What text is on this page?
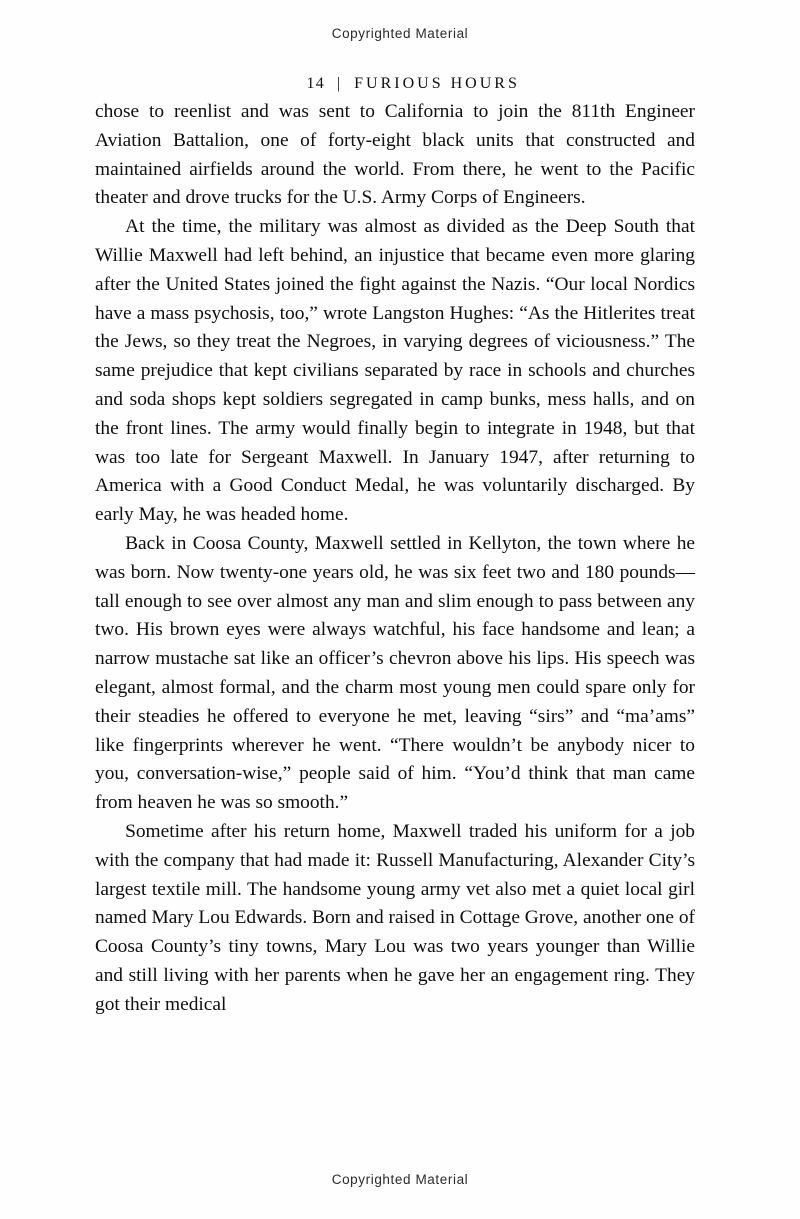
Copyrighted Material

14 | FURIOUS HOURS

chose to reenlist and was sent to California to join the 811th Engineer Aviation Battalion, one of forty-eight black units that constructed and maintained airfields around the world. From there, he went to the Pacific theater and drove trucks for the U.S. Army Corps of Engineers.

At the time, the military was almost as divided as the Deep South that Willie Maxwell had left behind, an injustice that became even more glaring after the United States joined the fight against the Nazis. “Our local Nordics have a mass psychosis, too,” wrote Langston Hughes: “As the Hitlerites treat the Jews, so they treat the Negroes, in varying degrees of viciousness.” The same prejudice that kept civilians separated by race in schools and churches and soda shops kept soldiers segregated in camp bunks, mess halls, and on the front lines. The army would finally begin to integrate in 1948, but that was too late for Sergeant Maxwell. In January 1947, after returning to America with a Good Conduct Medal, he was voluntarily discharged. By early May, he was headed home.

Back in Coosa County, Maxwell settled in Kellyton, the town where he was born. Now twenty-one years old, he was six feet two and 180 pounds—tall enough to see over almost any man and slim enough to pass between any two. His brown eyes were always watchful, his face handsome and lean; a narrow mustache sat like an officer’s chevron above his lips. His speech was elegant, almost formal, and the charm most young men could spare only for their steadies he offered to everyone he met, leaving “sirs” and “ma’ams” like fingerprints wherever he went. “There wouldn’t be anybody nicer to you, conversation-wise,” people said of him. “You’d think that man came from heaven he was so smooth.”

Sometime after his return home, Maxwell traded his uniform for a job with the company that had made it: Russell Manufacturing, Alexander City’s largest textile mill. The handsome young army vet also met a quiet local girl named Mary Lou Edwards. Born and raised in Cottage Grove, another one of Coosa County’s tiny towns, Mary Lou was two years younger than Willie and still living with her parents when he gave her an engagement ring. They got their medical

Copyrighted Material
